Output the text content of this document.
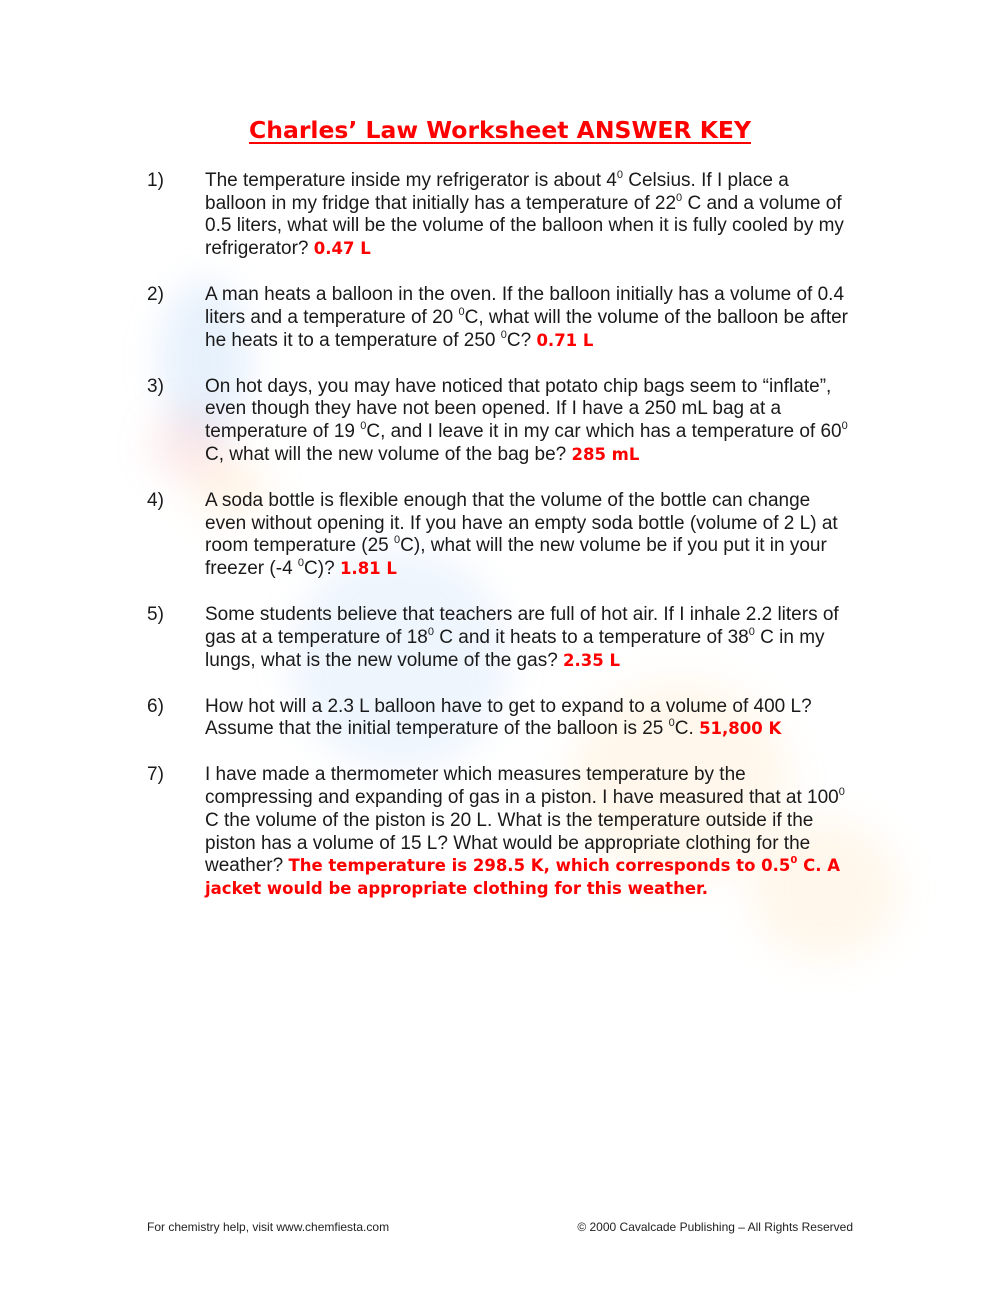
Charles’ Law Worksheet ANSWER KEY
1)	The temperature inside my refrigerator is about $4^0$ Celsius. If I place a balloon in my fridge that initially has a temperature of $22^0$ C and a volume of 0.5 liters, what will be the volume of the balloon when it is fully cooled by my refrigerator? 0.47 L
2)	A man heats a balloon in the oven. If the balloon initially has a volume of 0.4 liters and a temperature of 20 $^0$C, what will the volume of the balloon be after he heats it to a temperature of 250 $^0$C? 0.71 L
3)	On hot days, you may have noticed that potato chip bags seem to “inflate”, even though they have not been opened. If I have a 250 mL bag at a temperature of 19 $^0$C, and I leave it in my car which has a temperature of $60^0$ C, what will the new volume of the bag be? 285 mL
4)	A soda bottle is flexible enough that the volume of the bottle can change even without opening it. If you have an empty soda bottle (volume of 2 L) at room temperature (25 $^0$C), what will the new volume be if you put it in your freezer (-4 $^0$C)? 1.81 L
5)	Some students believe that teachers are full of hot air. If I inhale 2.2 liters of gas at a temperature of $18^0$ C and it heats to a temperature of $38^0$ C in my lungs, what is the new volume of the gas? 2.35 L
6)	How hot will a 2.3 L balloon have to get to expand to a volume of 400 L? Assume that the initial temperature of the balloon is 25 $^0$C. 51,800 K
7)	I have made a thermometer which measures temperature by the compressing and expanding of gas in a piston. I have measured that at $100^0$ C the volume of the piston is 20 L. What is the temperature outside if the piston has a volume of 15 L? What would be appropriate clothing for the weather? The temperature is 298.5 K, which corresponds to $0.5^0$ C. A jacket would be appropriate clothing for this weather.
For chemistry help, visit www.chemfiesta.com	© 2000 Cavalcade Publishing – All Rights Reserved
